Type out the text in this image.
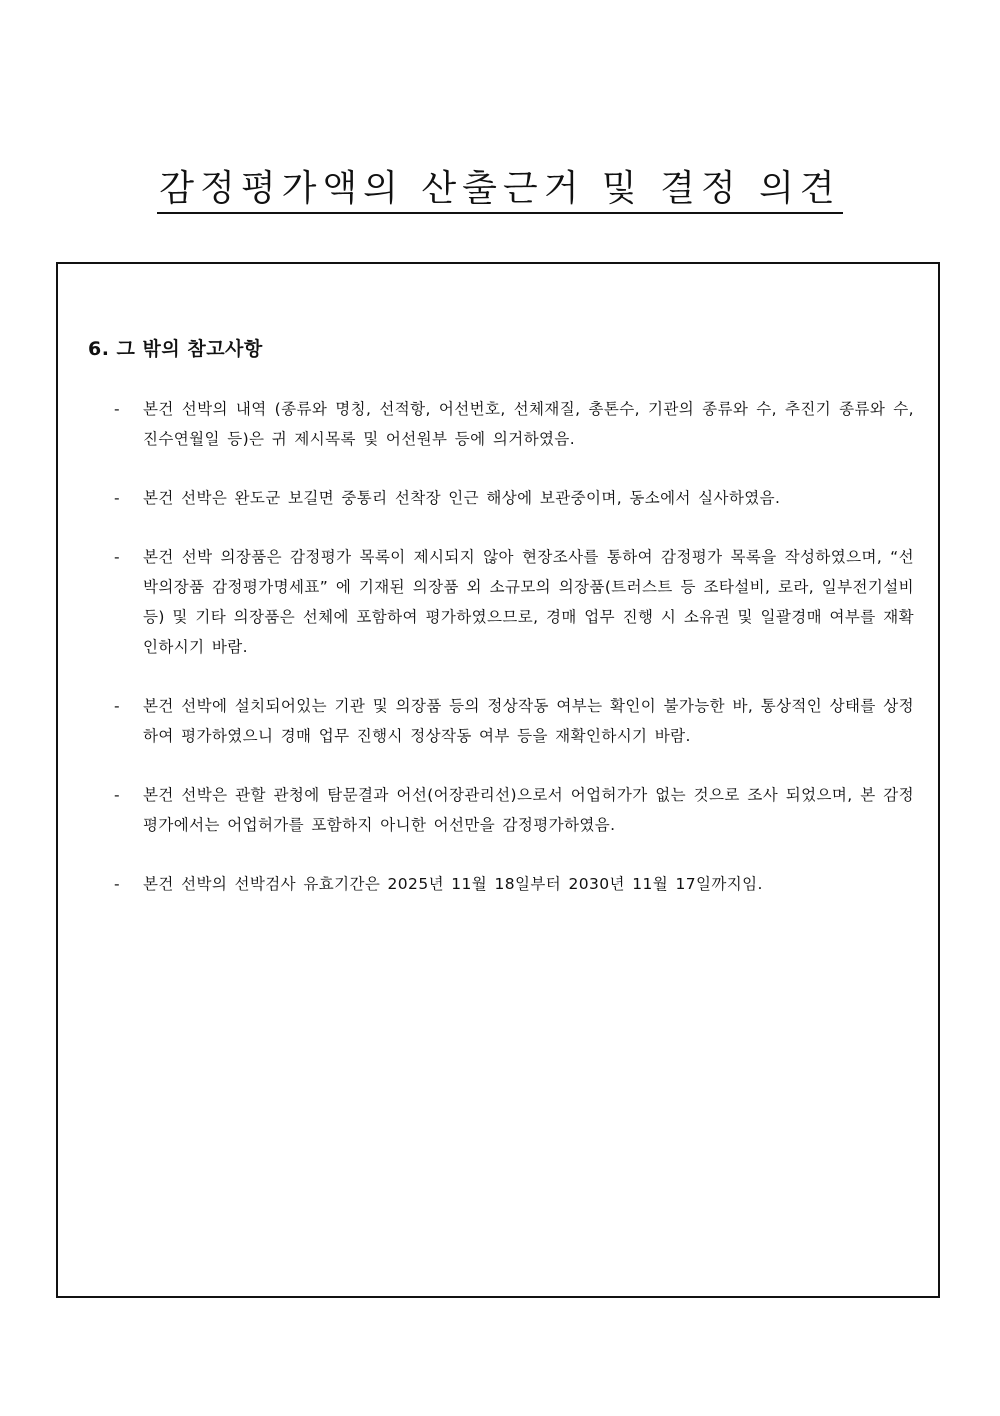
감정평가액의 산출근거 및 결정 의견
6. 그 밖의 참고사항
- 본건 선박의 내역 (종류와 명칭, 선적항, 어선번호, 선체재질, 총톤수, 기관의 종류와 수, 추진기 종류와 수, 진수연월일 등)은 귀 제시목록 및 어선원부 등에 의거하였음.
- 본건 선박은 완도군 보길면 중통리 선착장 인근 해상에 보관중이며, 동소에서 실사하였음.
- 본건 선박 의장품은 감정평가 목록이 제시되지 않아 현장조사를 통하여 감정평가 목록을 작성하였으며, “선박의장품 감정평가명세표” 에 기재된 의장품 외 소규모의 의장품(트러스트 등 조타설비, 로라, 일부전기설비 등) 및 기타 의장품은 선체에 포함하여 평가하였으므로, 경매 업무 진행 시 소유권 및 일괄경매 여부를 재확인하시기 바람.
- 본건 선박에 설치되어있는 기관 및 의장품 등의 정상작동 여부는 확인이 불가능한 바, 통상적인 상태를 상정하여 평가하였으니 경매 업무 진행시 정상작동 여부 등을 재확인하시기 바람.
- 본건 선박은 관할 관청에 탐문결과 어선(어장관리선)으로서 어업허가가 없는 것으로 조사 되었으며, 본 감정평가에서는 어업허가를 포함하지 아니한 어선만을 감정평가하였음.
- 본건 선박의 선박검사 유효기간은 2025년 11월 18일부터 2030년 11월 17일까지임.
